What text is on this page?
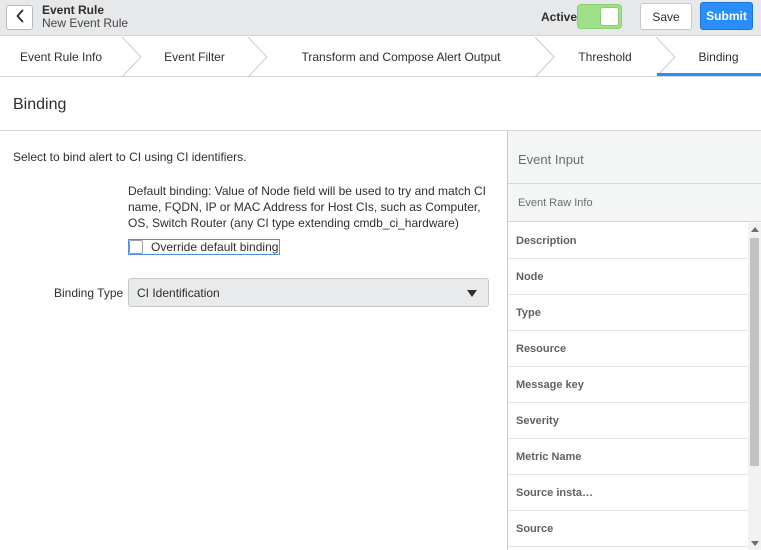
Event Rule
New Event Rule	Active	Save	Submit
Event Rule Info	Event Filter	Transform and Compose Alert Output	Threshold	Binding
Binding
Select to bind alert to CI using CI identifiers.
Default binding: Value of Node field will be used to try and match CI name, FQDN, IP or MAC Address for Host CIs, such as Computer, OS, Switch Router (any CI type extending cmdb_ci_hardware)
Override default binding
Binding Type CI Identification
Event Input
Event Raw Info
Description
Node
Type
Resource
Message key
Severity
Metric Name
Source insta…
Source
